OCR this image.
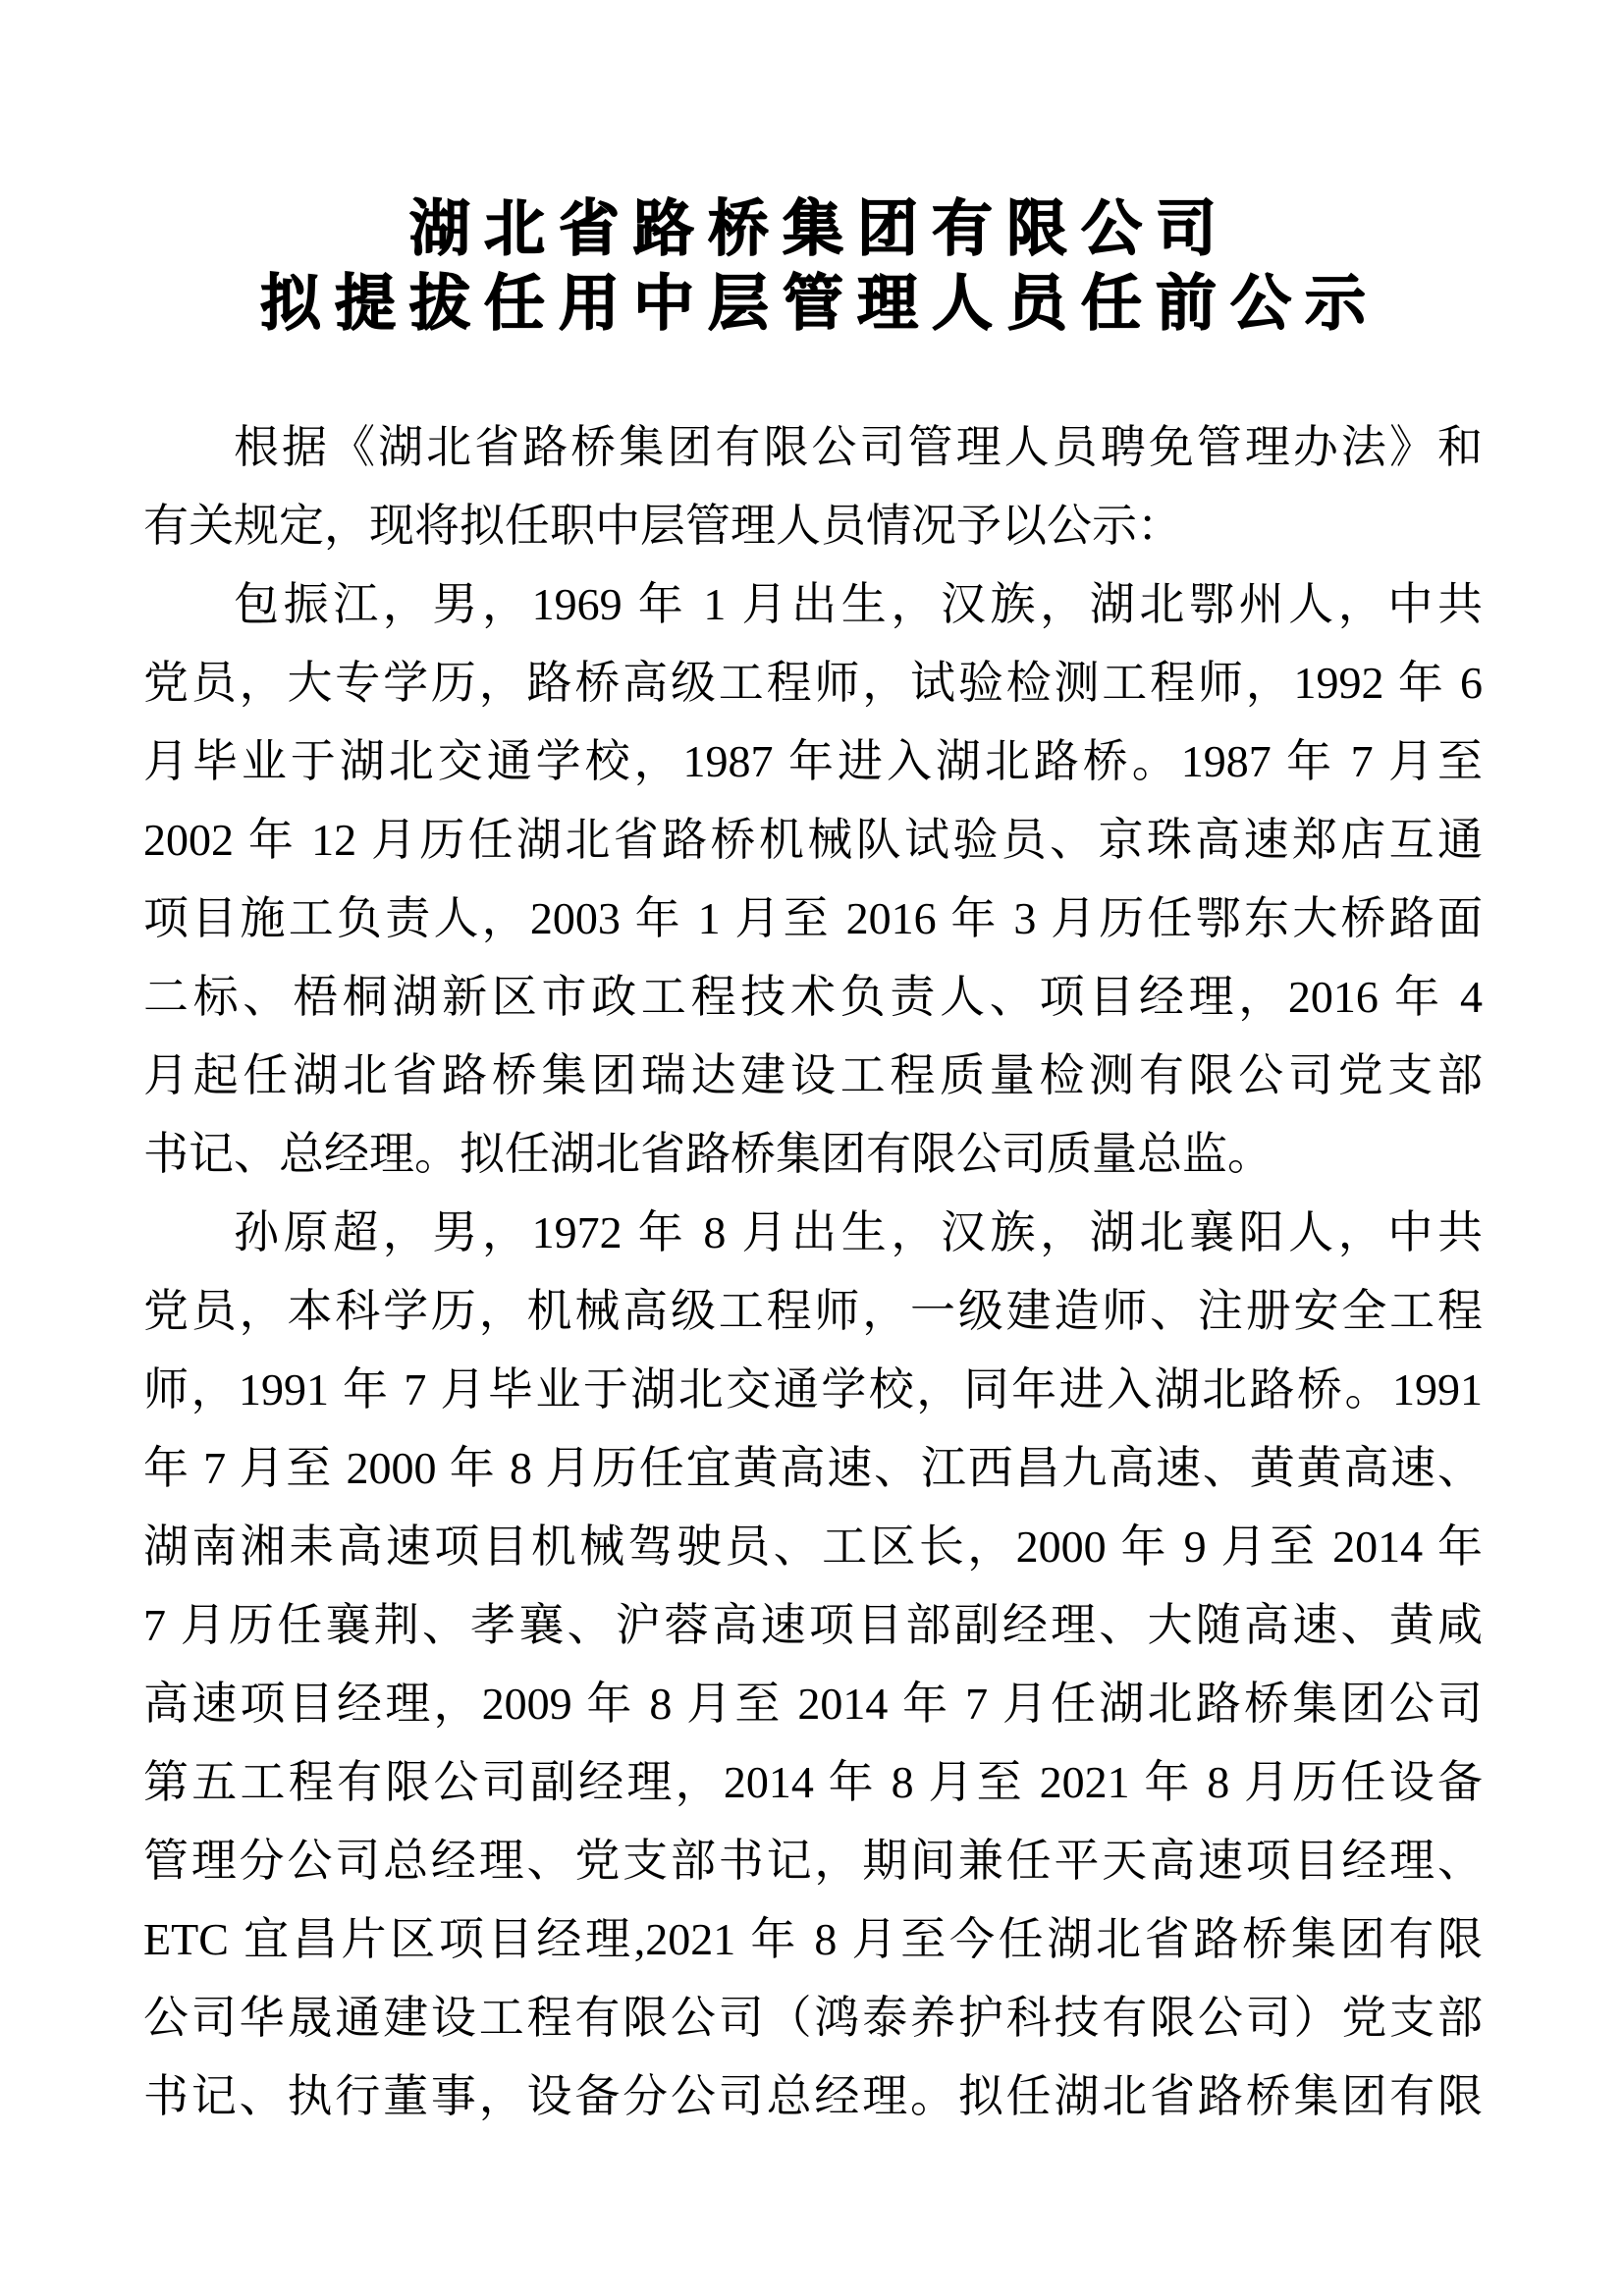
湖北省路桥集团有限公司
拟提拔任用中层管理人员任前公示
根据《湖北省路桥集团有限公司管理人员聘免管理办法》和
有关规定，现将拟任职中层管理人员情况予以公示：
包振江，男，1969 年 1 月出生，汉族，湖北鄂州人，中共
党员，大专学历，路桥高级工程师，试验检测工程师，1992 年 6
月毕业于湖北交通学校，1987 年进入湖北路桥。1987 年 7 月至
2002 年 12 月历任湖北省路桥机械队试验员、京珠高速郑店互通
项目施工负责人，2003 年 1 月至 2016 年 3 月历任鄂东大桥路面
二标、梧桐湖新区市政工程技术负责人、项目经理，2016 年 4
月起任湖北省路桥集团瑞达建设工程质量检测有限公司党支部
书记、总经理。拟任湖北省路桥集团有限公司质量总监。
孙原超，男，1972 年 8 月出生，汉族，湖北襄阳人，中共
党员，本科学历，机械高级工程师，一级建造师、注册安全工程
师，1991 年 7 月毕业于湖北交通学校，同年进入湖北路桥。1991
年 7 月至 2000 年 8 月历任宜黄高速、江西昌九高速、黄黄高速、
湖南湘耒高速项目机械驾驶员、工区长，2000 年 9 月至 2014 年
7 月历任襄荆、孝襄、沪蓉高速项目部副经理、大随高速、黄咸
高速项目经理，2009 年 8 月至 2014 年 7 月任湖北路桥集团公司
第五工程有限公司副经理，2014 年 8 月至 2021 年 8 月历任设备
管理分公司总经理、党支部书记，期间兼任平天高速项目经理、
ETC 宜昌片区项目经理,2021 年 8 月至今任湖北省路桥集团有限
公司华晟通建设工程有限公司（鸿泰养护科技有限公司）党支部
书记、执行董事，设备分公司总经理。拟任湖北省路桥集团有限
